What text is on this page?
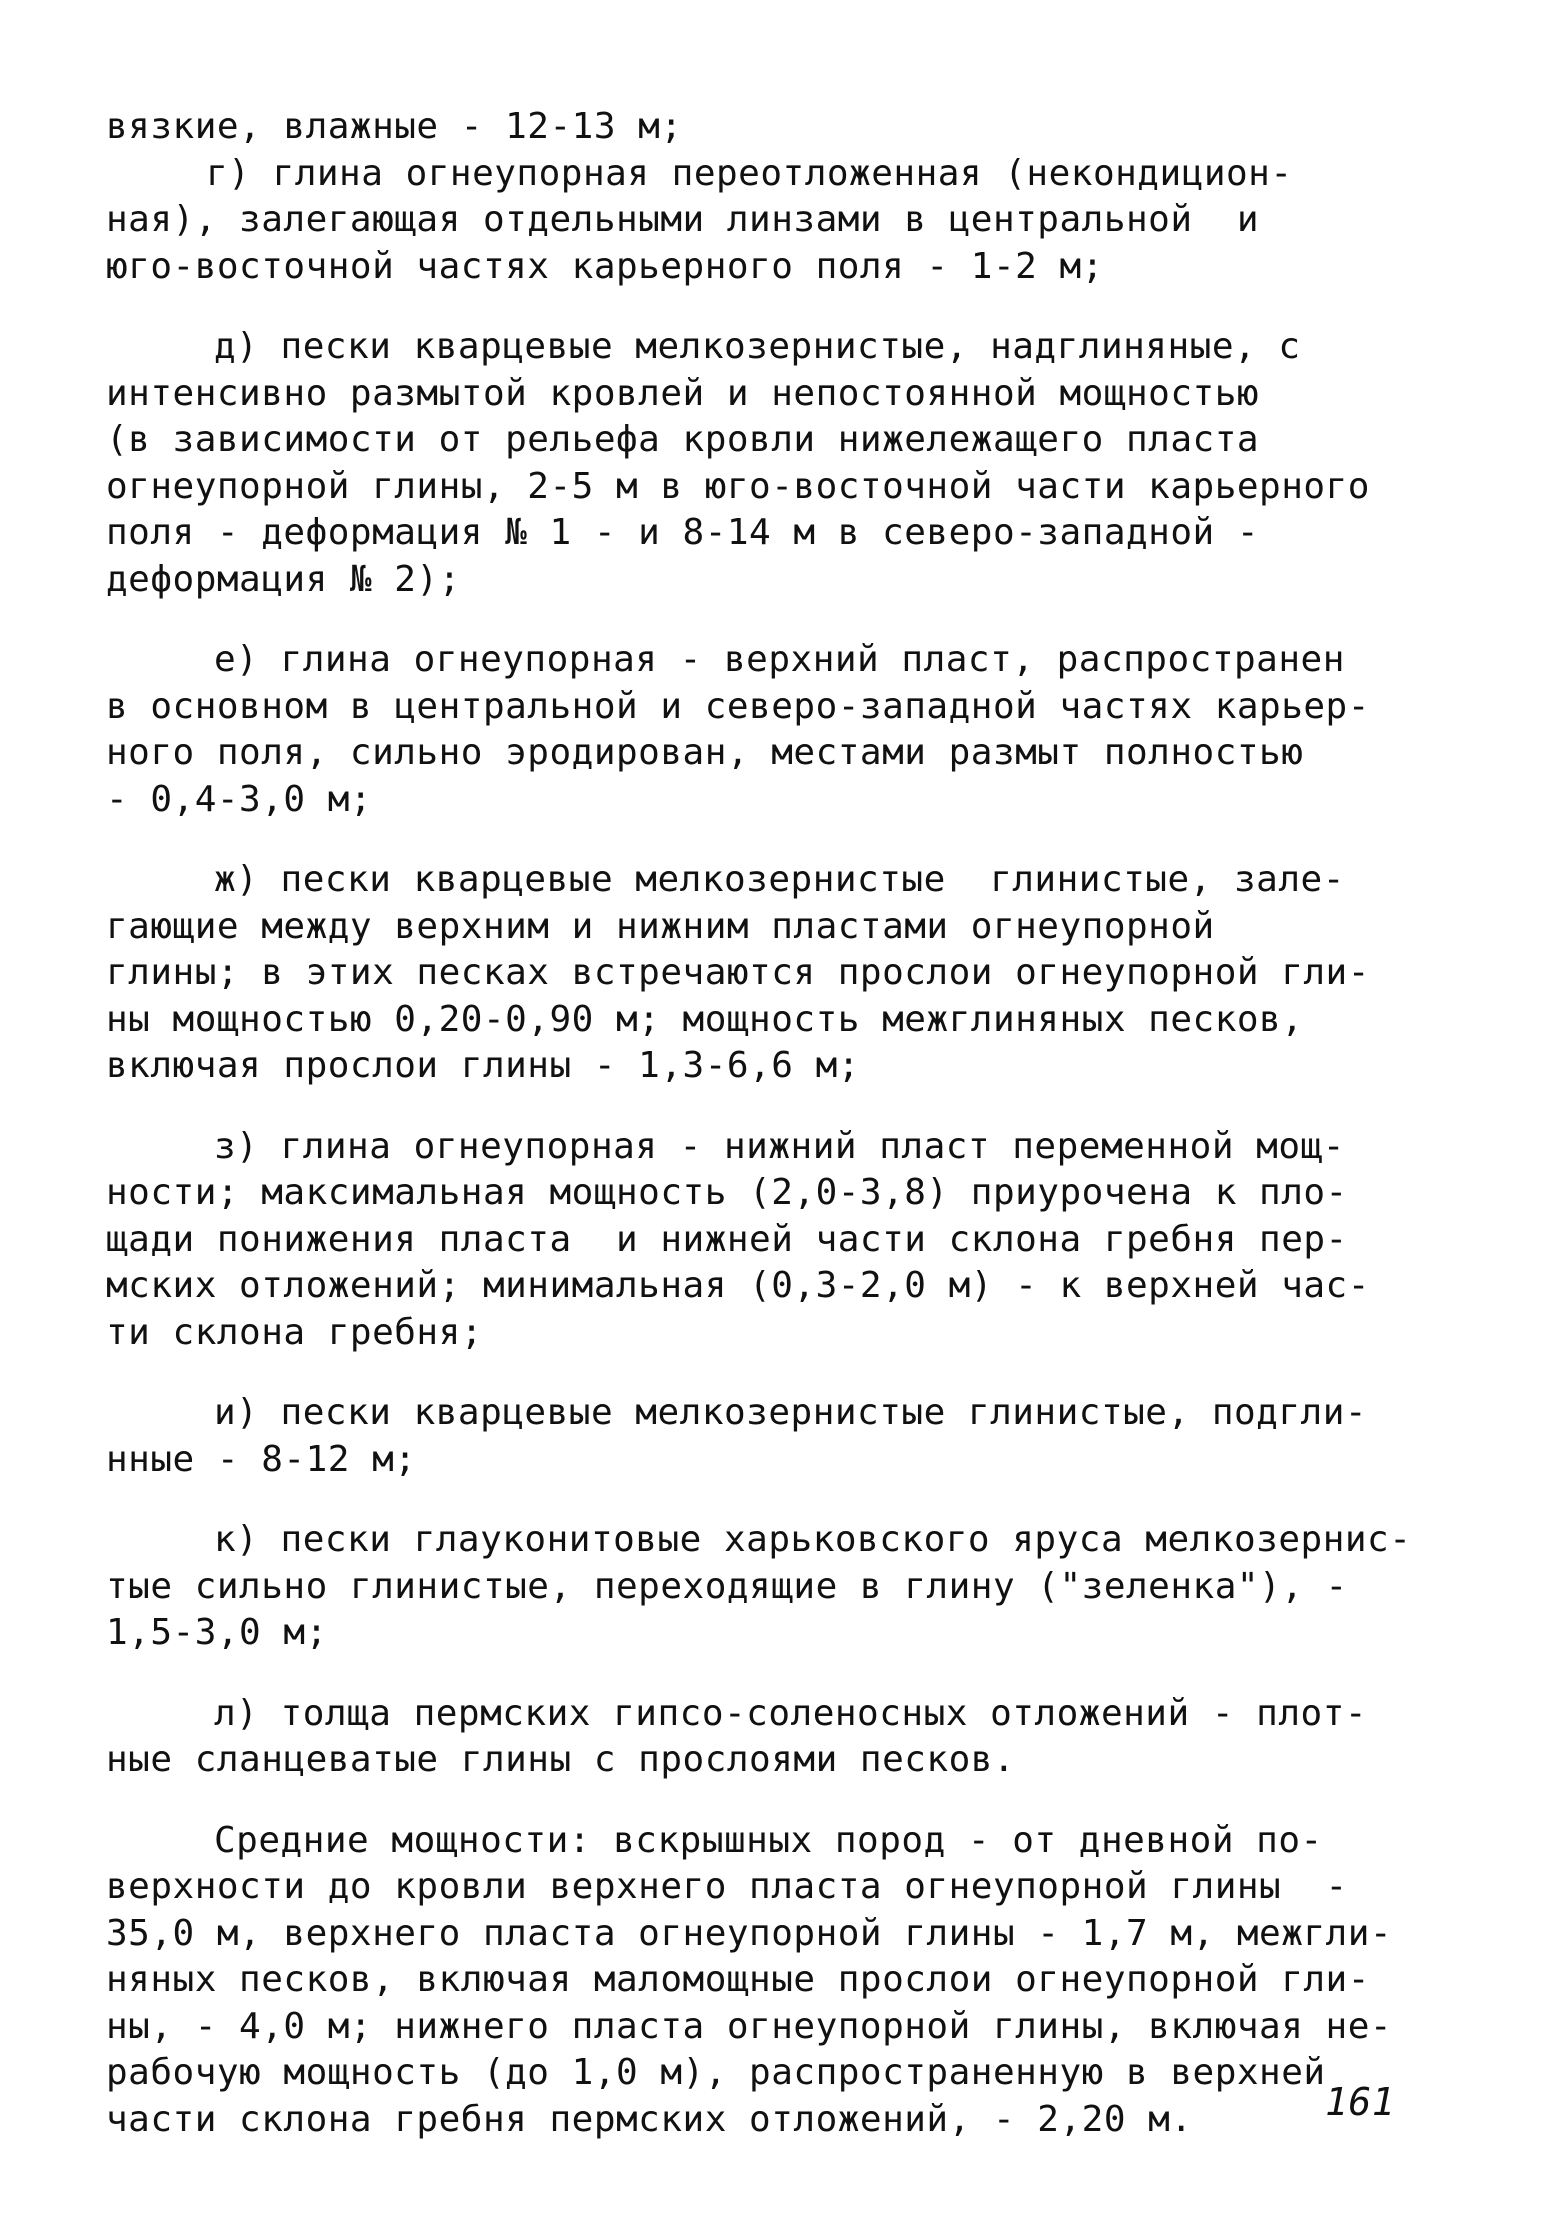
вязкие, влажные - 12-13 м;
г) глина огнеупорная переотложенная (некондицион-
ная), залегающая отдельными линзами в центральной  и
юго-восточной частях карьерного поля - 1-2 м;
д) пески кварцевые мелкозернистые, надглиняные, с
интенсивно размытой кровлей и непостоянной мощностью
(в зависимости от рельефа кровли нижележащего пласта
огнеупорной глины, 2-5 м в юго-восточной части карьерного
поля - деформация № 1 - и 8-14 м в северо-западной -
деформация № 2);
е) глина огнеупорная - верхний пласт, распространен
в основном в центральной и северо-западной частях карьер-
ного поля, сильно эродирован, местами размыт полностью
- 0,4-3,0 м;
ж) пески кварцевые мелкозернистые  глинистые, зале-
гающие между верхним и нижним пластами огнеупорной
глины; в этих песках встречаются прослои огнеупорной гли-
ны мощностью 0,20-0,90 м; мощность межглиняных песков,
включая прослои глины - 1,3-6,6 м;
з) глина огнеупорная - нижний пласт переменной мощ-
ности; максимальная мощность (2,0-3,8) приурочена к пло-
щади понижения пласта  и нижней части склона гребня пер-
мских отложений; минимальная (0,3-2,0 м) - к верхней час-
ти склона гребня;
и) пески кварцевые мелкозернистые глинистые, подгли-
нные - 8-12 м;
к) пески глауконитовые харьковского яруса мелкозернис-
тые сильно глинистые, переходящие в глину ("зеленка"), -
1,5-3,0 м;
л) толща пермских гипсо-соленосных отложений - плот-
ные сланцеватые глины с прослоями песков.
Средние мощности: вскрышных пород - от дневной по-
верхности до кровли верхнего пласта огнеупорной глины  -
35,0 м, верхнего пласта огнеупорной глины - 1,7 м, межгли-
няных песков, включая маломощные прослои огнеупорной гли-
ны, - 4,0 м; нижнего пласта огнеупорной глины, включая не-
рабочую мощность (до 1,0 м), распространенную в верхней
части склона гребня пермских отложений, - 2,20 м.	161
